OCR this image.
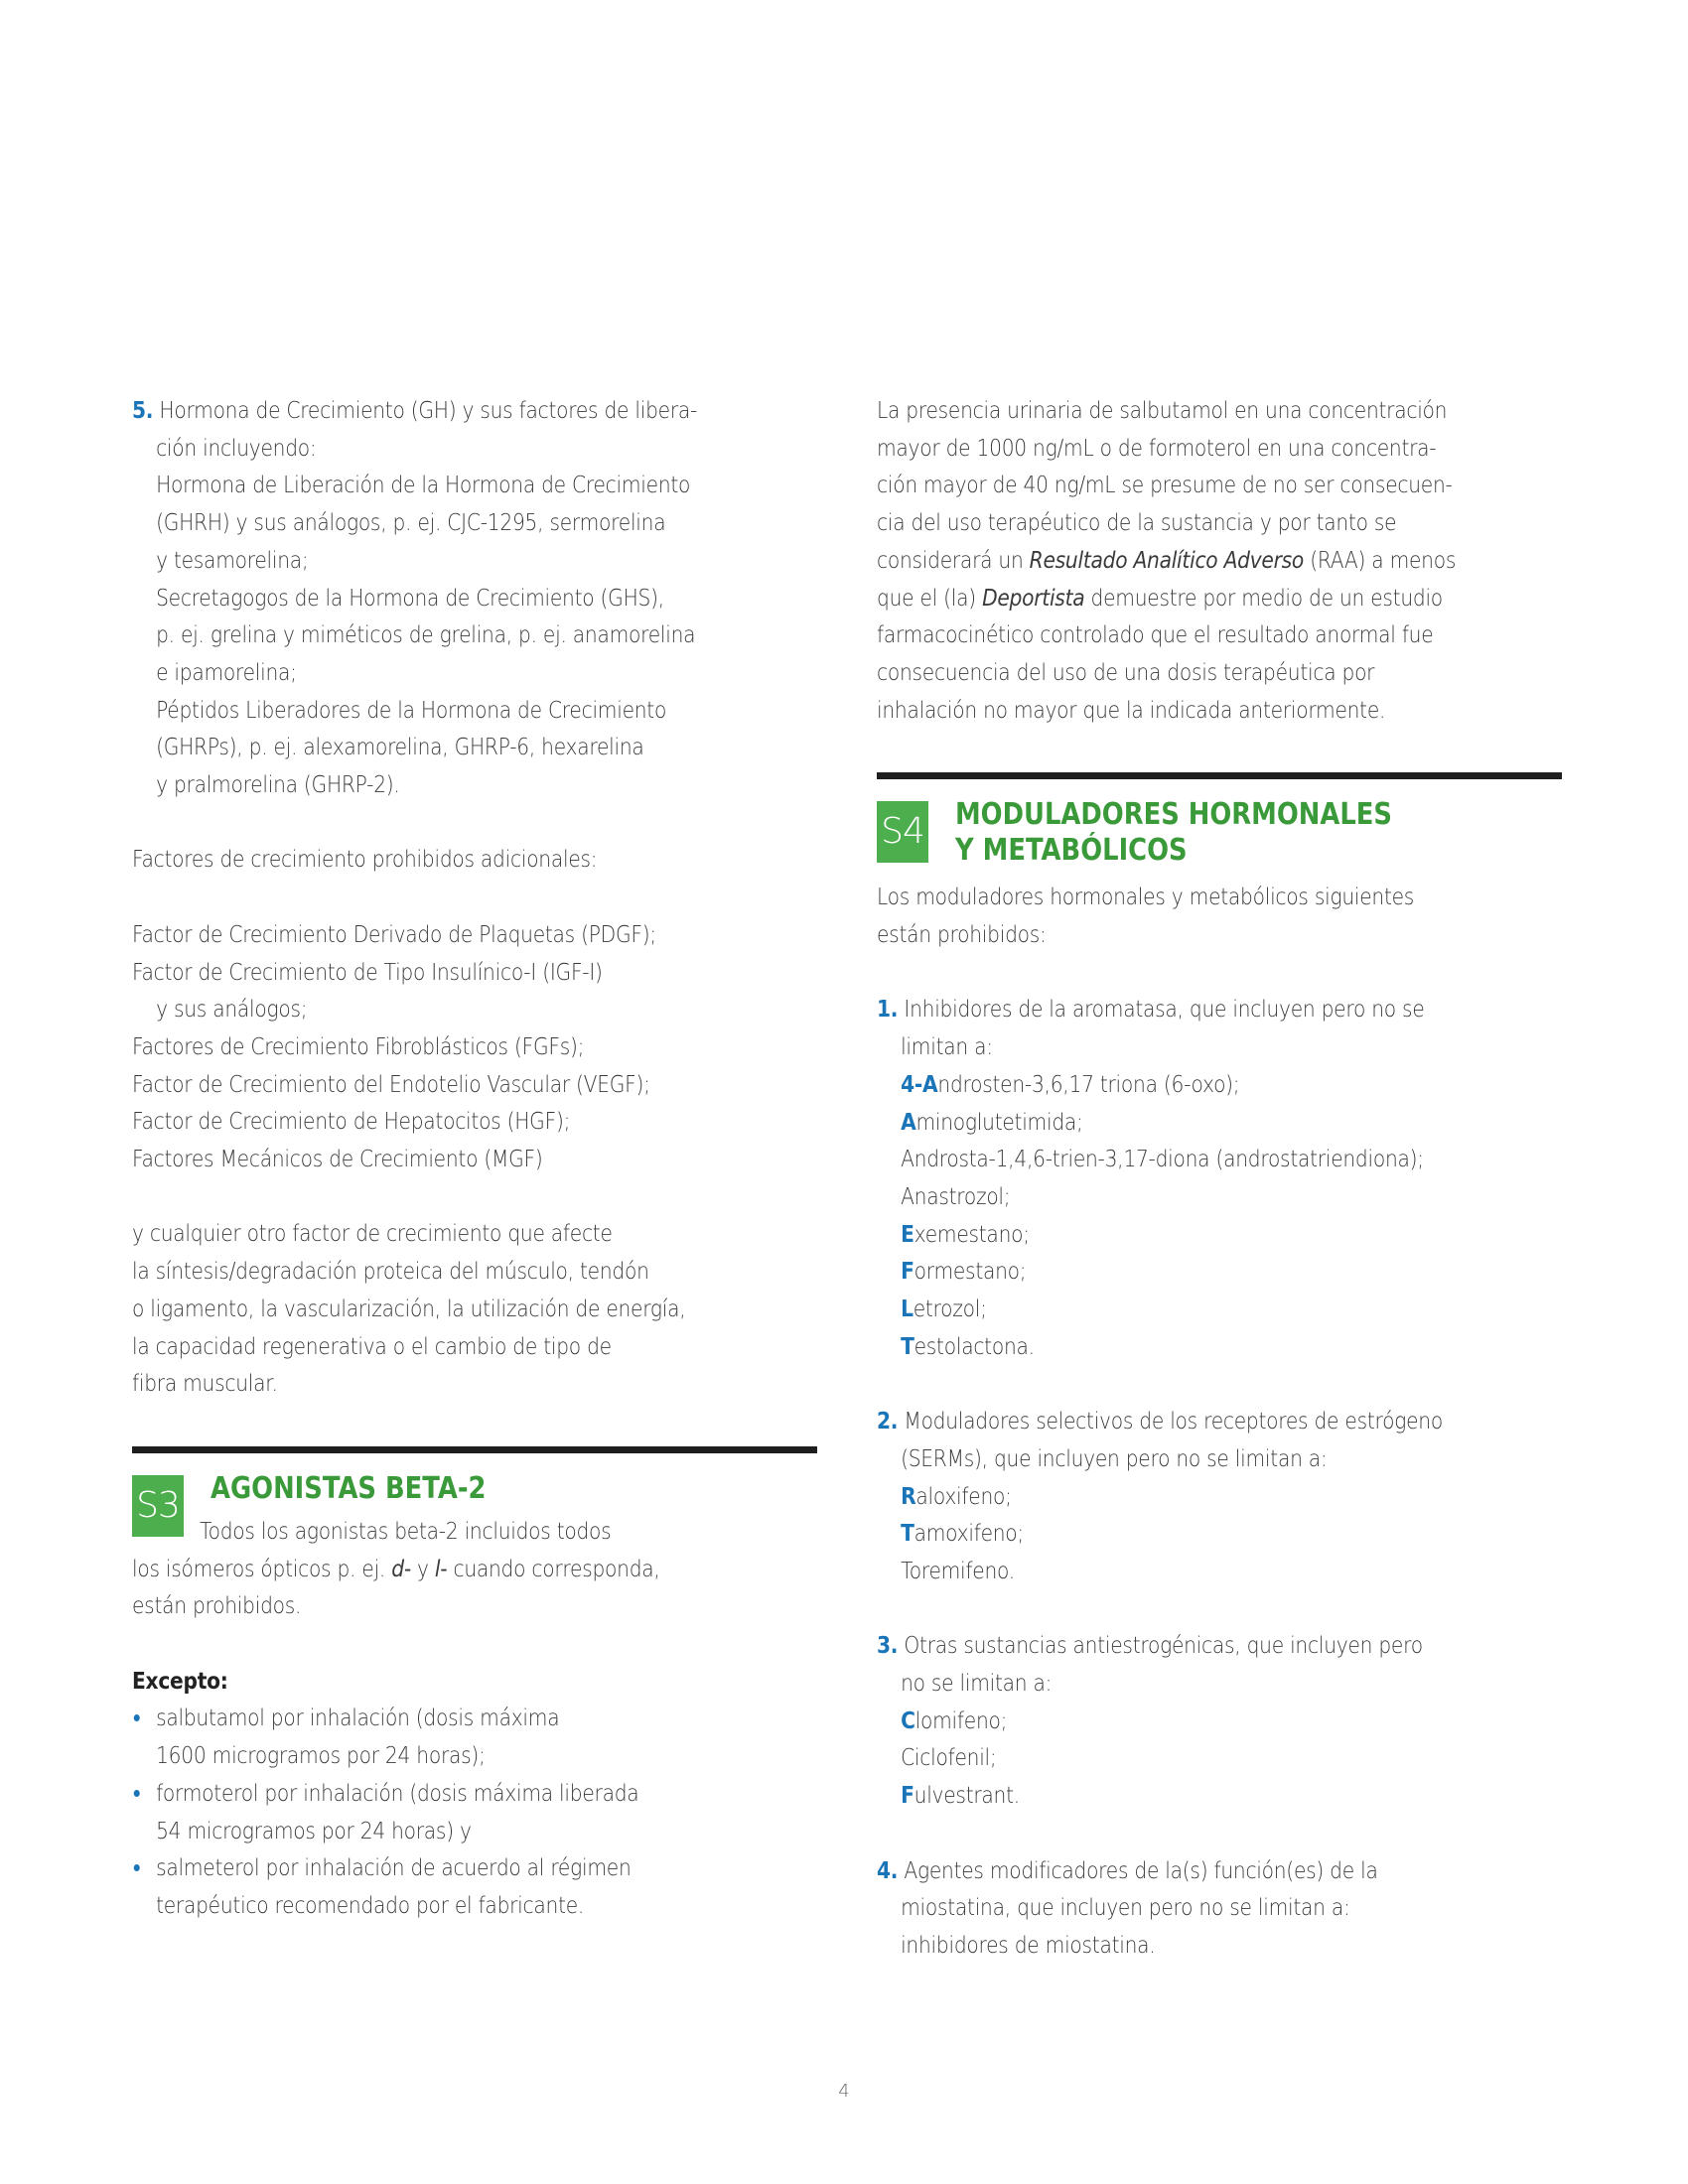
5. Hormona de Crecimiento (GH) y sus factores de libera-
ción incluyendo:
Hormona de Liberación de la Hormona de Crecimiento
(GHRH) y sus análogos, p. ej. CJC-1295, sermorelina
y tesamorelina;
Secretagogos de la Hormona de Crecimiento (GHS),
p. ej. grelina y miméticos de grelina, p. ej. anamorelina
e ipamorelina;
Péptidos Liberadores de la Hormona de Crecimiento
(GHRPs), p. ej. alexamorelina, GHRP-6, hexarelina
y pralmorelina (GHRP-2).
Factores de crecimiento prohibidos adicionales:
Factor de Crecimiento Derivado de Plaquetas (PDGF);
Factor de Crecimiento de Tipo Insulínico-I (IGF-I)
y sus análogos;
Factores de Crecimiento Fibroblásticos (FGFs);
Factor de Crecimiento del Endotelio Vascular (VEGF);
Factor de Crecimiento de Hepatocitos (HGF);
Factores Mecánicos de Crecimiento (MGF)
y cualquier otro factor de crecimiento que afecte
la síntesis/degradación proteica del músculo, tendón
o ligamento, la vascularización, la utilización de energía,
la capacidad regenerativa o el cambio de tipo de
fibra muscular.
S3 AGONISTAS BETA-2
Todos los agonistas beta-2 incluidos todos
los isómeros ópticos p. ej. d- y l- cuando corresponda,
están prohibidos.
Excepto:
salbutamol por inhalación (dosis máxima
1600 microgramos por 24 horas);
formoterol por inhalación (dosis máxima liberada
54 microgramos por 24 horas) y
salmeterol por inhalación de acuerdo al régimen
terapéutico recomendado por el fabricante.
La presencia urinaria de salbutamol en una concentración
mayor de 1000 ng/mL o de formoterol en una concentra-
ción mayor de 40 ng/mL se presume de no ser consecuen-
cia del uso terapéutico de la sustancia y por tanto se
considerará un Resultado Analítico Adverso (RAA) a menos
que el (la) Deportista demuestre por medio de un estudio
farmacocinético controlado que el resultado anormal fue
consecuencia del uso de una dosis terapéutica por
inhalación no mayor que la indicada anteriormente.
S4 MODULADORES HORMONALES
Y METABÓLICOS
Los moduladores hormonales y metabólicos siguientes
están prohibidos:
1. Inhibidores de la aromatasa, que incluyen pero no se
limitan a:
4-Androsten-3,6,17 triona (6-oxo);
Aminoglutetimida;
Androsta-1,4,6-trien-3,17-diona (androstatriendiona);
Anastrozol;
Exemestano;
Formestano;
Letrozol;
Testolactona.
2. Moduladores selectivos de los receptores de estrógeno
(SERMs), que incluyen pero no se limitan a:
Raloxifeno;
Tamoxifeno;
Toremifeno.
3. Otras sustancias antiestrogénicas, que incluyen pero
no se limitan a:
Clomifeno;
Ciclofenil;
Fulvestrant.
4. Agentes modificadores de la(s) función(es) de la
miostatina, que incluyen pero no se limitan a:
inhibidores de miostatina.
4
